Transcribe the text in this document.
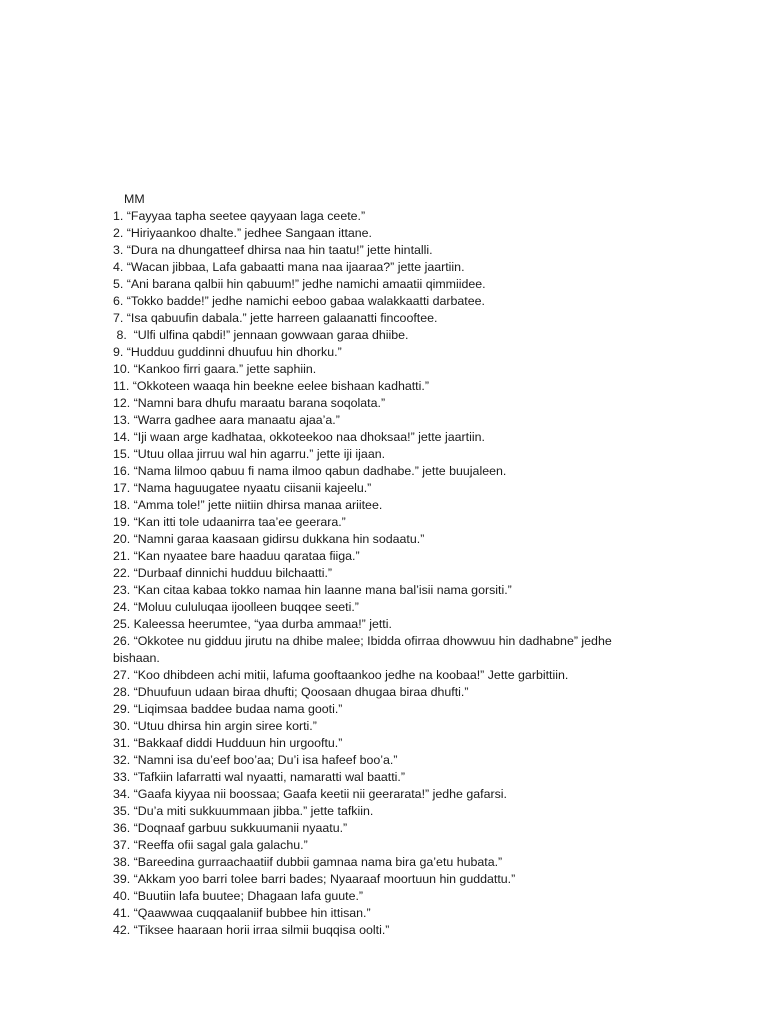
MM
1. “Fayyaa tapha seetee qayyaan laga ceete.”
2. “Hiriyaankoo dhalte.” jedhee Sangaan ittane.
3. “Dura na dhungatteef dhirsa naa hin taatu!” jette hintalli.
4. “Wacan jibbaa, Lafa gabaatti mana naa ijaaraa?” jette jaartiin.
5. “Ani barana qalbii hin qabuum!” jedhe namichi amaatii qimmiidee.
6. “Tokko badde!” jedhe namichi eeboo gabaa walakkaatti darbatee.
7. “Isa qabuufin dabala.” jette harreen galaanatti fincooftee.
8.  “Ulfi ulfina qabdi!” jennaan gowwaan garaa dhiibe.
9. “Hudduu guddinni dhuufuu hin dhorku.”
10. “Kankoo firri gaara.” jette saphiin.
11. “Okkoteen waaqa hin beekne eelee bishaan kadhatti.”
12. “Namni bara dhufu maraatu barana soqolata.”
13. “Warra gadhee aara manaatu ajaa’a.”
14. “Iji waan arge kadhataa, okkoteekoo naa dhoksaa!” jette jaartiin.
15. “Utuu ollaa jirruu wal hin agarru.” jette iji ijaan.
16. “Nama lilmoo qabuu fi nama ilmoo qabun dadhabe.” jette buujaleen.
17. “Nama haguugatee nyaatu ciisanii kajeelu.”
18. “Amma tole!” jette niitiin dhirsa manaa ariitee.
19. “Kan itti tole udaanirra taa’ee geerara.”
20. “Namni garaa kaasaan gidirsu dukkana hin sodaatu.”
21. “Kan nyaatee bare haaduu qarataa fiiga.”
22. “Durbaaf dinnichi hudduu bilchaatti.”
23. “Kan citaa kabaa tokko namaa hin laanne mana bal’isii nama gorsiti.”
24. “Moluu cululuqaa ijoolleen buqqee seeti.”
25. Kaleessa heerumtee, “yaa durba ammaa!” jetti.
26. “Okkotee nu gidduu jirutu na dhibe malee; Ibidda ofirraa dhowwuu hin dadhabne” jedhe bishaan.
27. “Koo dhibdeen achi mitii, lafuma gooftaankoo jedhe na koobaa!” Jette garbittiin.
28. “Dhuufuun udaan biraa dhufti; Qoosaan dhugaa biraa dhufti.”
29. “Liqimsaa baddee budaa nama gooti.”
30. “Utuu dhirsa hin argin siree korti.”
31. “Bakkaaf diddi Hudduun hin urgooftu.”
32. “Namni isa du’eef boo’aa; Du’i isa hafeef boo’a.”
33. “Tafkiin lafarratti wal nyaatti, namaratti wal baatti.”
34. “Gaafa kiyyaa nii boossaa; Gaafa keetii nii geerarata!” jedhe gafarsi.
35. “Du’a miti sukkuummaan jibba.” jette tafkiin.
36. “Doqnaaf garbuu sukkuumanii nyaatu.”
37. “Reeffa ofii sagal gala galachu.”
38. “Bareedina gurraachaatiif dubbii gamnaa nama bira ga’etu hubata.”
39. “Akkam yoo barri tolee barri bades; Nyaaraaf moortuun hin guddattu.”
40. “Buutiin lafa buutee; Dhagaan lafa guute.”
41. “Qaawwaa cuqqaalaniif bubbee hin ittisan.”
42. “Tiksee haaraan horii irraa silmii buqqisa oolti.”
